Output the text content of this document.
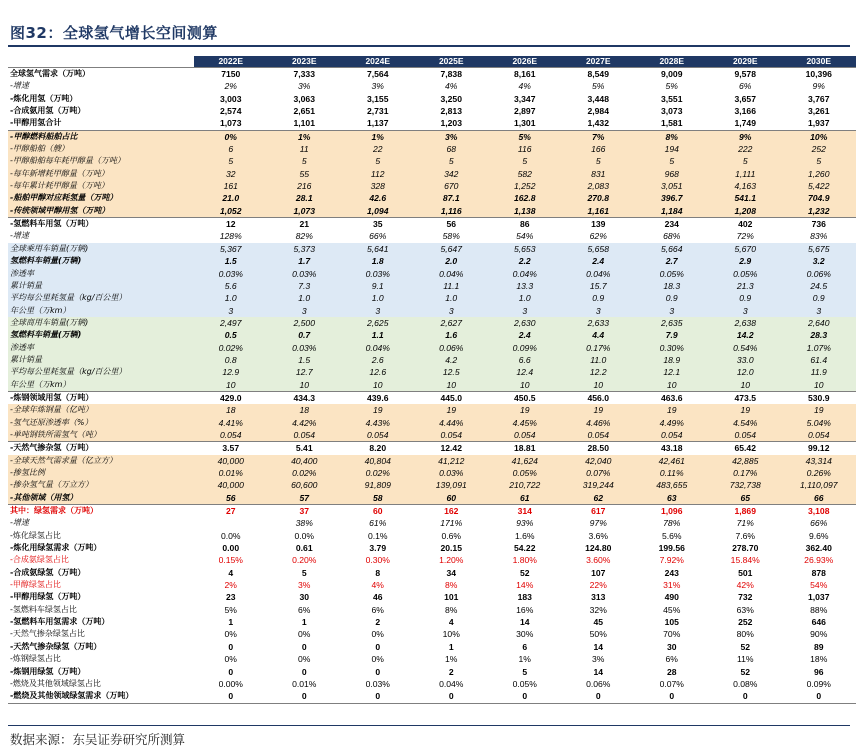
图32：全球氢气增长空间测算
	2022E	2023E	2024E	2025E	2026E	2027E	2028E	2029E	2030E
全球氢气需求（万吨）	7150	7,333	7,564	7,838	8,161	8,549	9,009	9,578	10,396
-增速	2%	3%	3%	4%	4%	5%	5%	6%	9%
-炼化用氢（万吨）	3,003	3,063	3,155	3,250	3,347	3,448	3,551	3,657	3,767
-合成氨用氢（万吨）	2,574	2,651	2,731	2,813	2,897	2,984	3,073	3,166	3,261
-甲醇用氢合计	1,073	1,101	1,137	1,203	1,301	1,432	1,581	1,749	1,937
-甲醇燃料船舶占比	0%	1%	1%	3%	5%	7%	8%	9%	10%
-甲醇船舶（艘）	6	11	22	68	116	166	194	222	252
-甲醇船舶每年耗甲醇量（万吨）	5	5	5	5	5	5	5	5	5
-每年新增耗甲醇量（万吨）	32	55	112	342	582	831	968	1,111	1,260
-每年累计耗甲醇量（万吨）	161	216	328	670	1,252	2,083	3,051	4,163	5,422
-船舶甲醇对应耗氢量（万吨）	21.0	28.1	42.6	87.1	162.8	270.8	396.7	541.1	704.9
-传统领域甲醇用氢（万吨）	1,052	1,073	1,094	1,116	1,138	1,161	1,184	1,208	1,232
-氢燃料车用氢（万吨）	12	21	35	56	86	139	234	402	736
-增速	128%	82%	66%	58%	54%	62%	68%	72%	83%
全球乘用车销量(万辆)	5,367	5,373	5,641	5,647	5,653	5,658	5,664	5,670	5,675
氢燃料车销量(万辆)	1.5	1.7	1.8	2.0	2.2	2.4	2.7	2.9	3.2
渗透率	0.03%	0.03%	0.03%	0.04%	0.04%	0.04%	0.05%	0.05%	0.06%
累计销量	5.6	7.3	9.1	11.1	13.3	15.7	18.3	21.3	24.5
平均每公里耗氢量（kg/百公里）	1.0	1.0	1.0	1.0	1.0	0.9	0.9	0.9	0.9
年公里（万km）	3	3	3	3	3	3	3	3	3
全球商用车销量(万辆)	2,497	2,500	2,625	2,627	2,630	2,633	2,635	2,638	2,640
氢燃料车销量(万辆)	0.5	0.7	1.1	1.6	2.4	4.4	7.9	14.2	28.3
渗透率	0.02%	0.03%	0.04%	0.06%	0.09%	0.17%	0.30%	0.54%	1.07%
累计销量	0.8	1.5	2.6	4.2	6.6	11.0	18.9	33.0	61.4
平均每公里耗氢量（kg/百公里）	12.9	12.7	12.6	12.5	12.4	12.2	12.1	12.0	11.9
年公里（万km）	10	10	10	10	10	10	10	10	10
-炼钢领域用氢（万吨）	429.0	434.3	439.6	445.0	450.5	456.0	463.6	473.5	530.9
-全球年炼钢量（亿吨）	18	18	19	19	19	19	19	19	19
-氢气还原渗透率（%）	4.41%	4.42%	4.43%	4.44%	4.45%	4.46%	4.49%	4.54%	5.04%
-单吨钢铁所需氢气（吨）	0.054	0.054	0.054	0.054	0.054	0.054	0.054	0.054	0.054
-天然气掺杂氢（万吨）	3.57	5.41	8.20	12.42	18.81	28.50	43.18	65.42	99.12
-全球天然气需求量（亿立方）	40,000	40,400	40,804	41,212	41,624	42,040	42,461	42,885	43,314
-掺氢比例	0.01%	0.02%	0.02%	0.03%	0.05%	0.07%	0.11%	0.17%	0.26%
-掺杂氢气量（万立方）	40,000	60,600	91,809	139,091	210,722	319,244	483,655	732,738	1,110,097
-其他领域（用氢）	56	57	58	60	61	62	63	65	66
其中：绿氢需求（万吨）	27	37	60	162	314	617	1,096	1,869	3,108
-增速		38%	61%	171%	93%	97%	78%	71%	66%
-炼化绿氢占比	0.0%	0.0%	0.1%	0.6%	1.6%	3.6%	5.6%	7.6%	9.6%
-炼化用绿氢需求（万吨）	0.00	0.61	3.79	20.15	54.22	124.80	199.56	278.70	362.40
-合成氨绿氢占比	0.15%	0.20%	0.30%	1.20%	1.80%	3.60%	7.92%	15.84%	26.93%
-合成氨绿氢（万吨）	4	5	8	34	52	107	243	501	878
-甲醇绿氢占比	2%	3%	4%	8%	14%	22%	31%	42%	54%
-甲醇用绿氢（万吨）	23	30	46	101	183	313	490	732	1,037
-氢燃料车绿氢占比	5%	6%	6%	8%	16%	32%	45%	63%	88%
-氢燃料车用氢需求（万吨）	1	1	2	4	14	45	105	252	646
-天然气掺杂绿氢占比	0%	0%	0%	10%	30%	50%	70%	80%	90%
-天然气掺杂绿氢（万吨）	0	0	0	1	6	14	30	52	89
-炼钢绿氢占比	0%	0%	0%	1%	1%	3%	6%	11%	18%
-炼钢用绿氢（万吨）	0	0	0	2	5	14	28	52	96
-燃烧及其他领域绿氢占比	0.00%	0.01%	0.03%	0.04%	0.05%	0.06%	0.07%	0.08%	0.09%
-燃烧及其他领域绿氢需求（万吨）	0	0	0	0	0	0	0	0	0
数据来源：东吴证券研究所测算
